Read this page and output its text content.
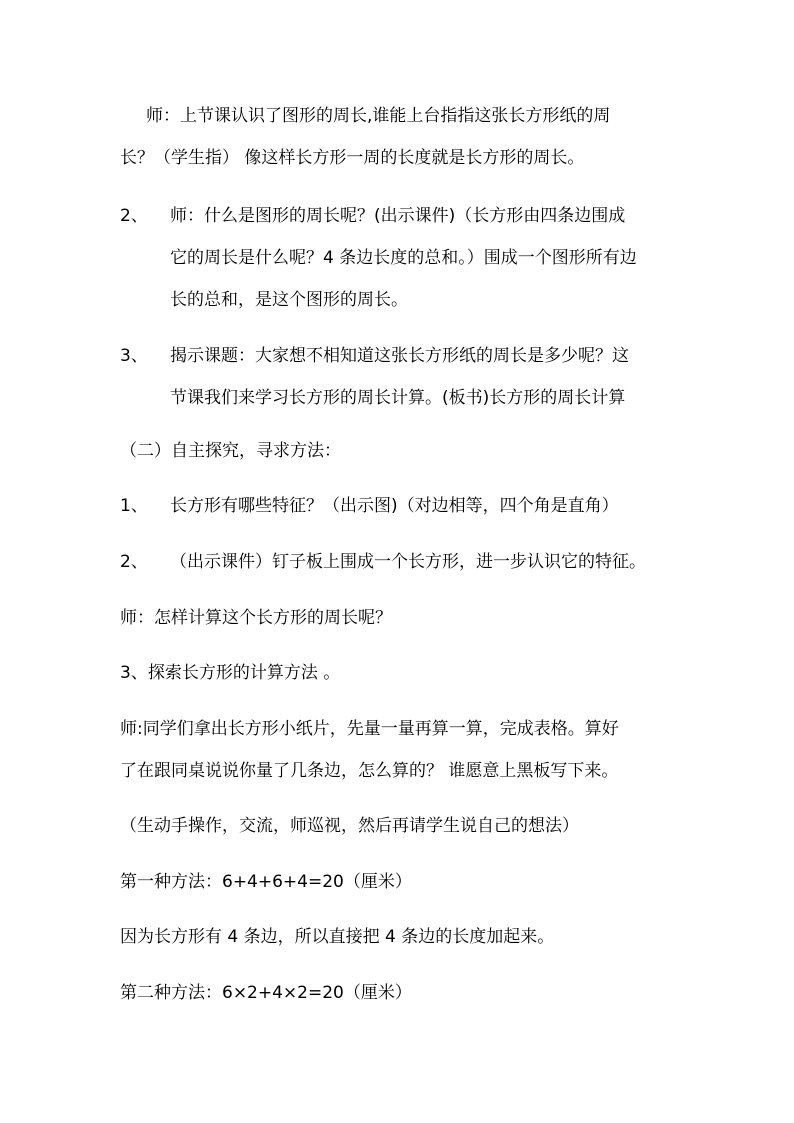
师：上节课认识了图形的周长,谁能上台指指这张长方形纸的周
长？（学生指） 像这样长方形一周的长度就是长方形的周长。
2、 师：什么是图形的周长呢？(出示课件)（长方形由四条边围成
它的周长是什么呢？4 条边长度的总和。）围成一个图形所有边
长的总和，是这个图形的周长。
3、 揭示课题：大家想不相知道这张长方形纸的周长是多少呢？这
节课我们来学习长方形的周长计算。(板书)长方形的周长计算
（二）自主探究，寻求方法：
1、 长方形有哪些特征？（出示图)（对边相等，四个角是直角）
2、 （出示课件）钉子板上围成一个长方形，进一步认识它的特征。
师：怎样计算这个长方形的周长呢？
3、探索长方形的计算方法 。
师:同学们拿出长方形小纸片，先量一量再算一算，完成表格。算好
了在跟同桌说说你量了几条边，怎么算的？ 谁愿意上黑板写下来。
（生动手操作，交流，师巡视，然后再请学生说自己的想法）
第一种方法：6+4+6+4=20（厘米）
因为长方形有 4 条边，所以直接把 4 条边的长度加起来。
第二种方法：6×2+4×2=20（厘米）
